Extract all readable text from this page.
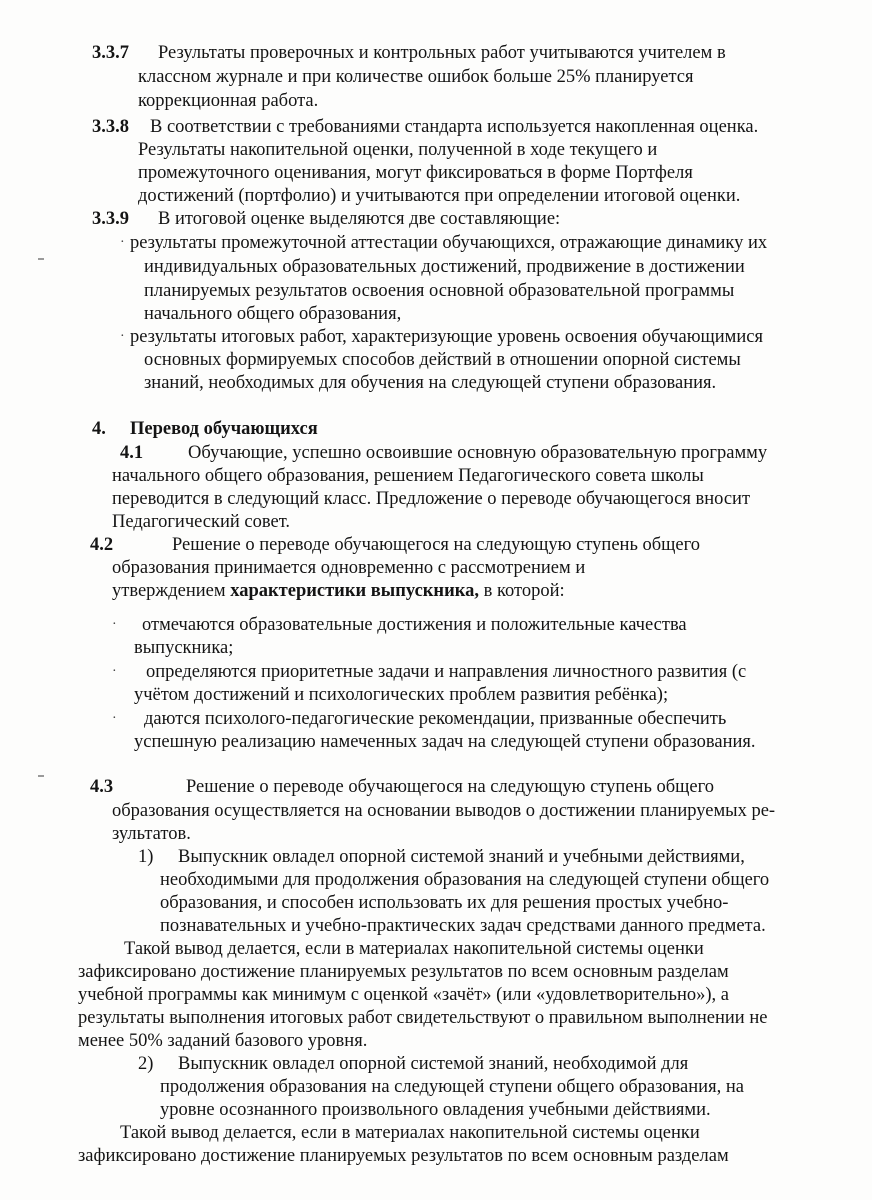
3.3.7 Результаты проверочных и контрольных работ учитываются учителем в
классном журнале и при количестве ошибок больше 25% планируется
коррекционная работа.
3.3.8 В соответствии с требованиями стандарта используется накопленная оценка.
Результаты накопительной оценки, полученной в ходе текущего и
промежуточного оценивания, могут фиксироваться в форме Портфеля
достижений (портфолио) и учитываются при определении итоговой оценки.
3.3.9 В итоговой оценке выделяются две составляющие:
· результаты промежуточной аттестации обучающихся, отражающие динамику их
индивидуальных образовательных достижений, продвижение в достижении
планируемых результатов освоения основной образовательной программы
начального общего образования,
· результаты итоговых работ, характеризующие уровень освоения обучающимися
основных формируемых способов действий в отношении опорной системы
знаний, необходимых для обучения на следующей ступени образования.
4. Перевод обучающихся
4.1 Обучающие, успешно освоившие основную образовательную программу
начального общего образования, решением Педагогического совета школы
переводится в следующий класс. Предложение о переводе обучающегося вносит
Педагогический совет.
4.2	Решение о переводе обучающегося на следующую ступень общего
образования принимается одновременно с рассмотрением и
утверждением характеристики выпускника, в которой:
· отмечаются образовательные достижения и положительные качества
выпускника;
· определяются приоритетные задачи и направления личностного развития (с
учётом достижений и психологических проблем развития ребёнка);
· даются психолого-педагогические рекомендации, призванные обеспечить
успешную реализацию намеченных задач на следующей ступени образования.
4.3	Решение о переводе обучающегося на следующую ступень общего
образования осуществляется на основании выводов о достижении планируемых ре-
зультатов.
1) Выпускник овладел опорной системой знаний и учебными действиями,
необходимыми для продолжения образования на следующей ступени общего
образования, и способен использовать их для решения простых учебно-
познавательных и учебно-практических задач средствами данного предмета.
Такой вывод делается, если в материалах накопительной системы оценки
зафиксировано достижение планируемых результатов по всем основным разделам
учебной программы как минимум с оценкой «зачёт» (или «удовлетворительно»), а
результаты выполнения итоговых работ свидетельствуют о правильном выполнении не
менее 50% заданий базового уровня.
2) Выпускник овладел опорной системой знаний, необходимой для
продолжения образования на следующей ступени общего образования, на
уровне осознанного произвольного овладения учебными действиями.
Такой вывод делается, если в материалах накопительной системы оценки
зафиксировано достижение планируемых результатов по всем основным разделам
